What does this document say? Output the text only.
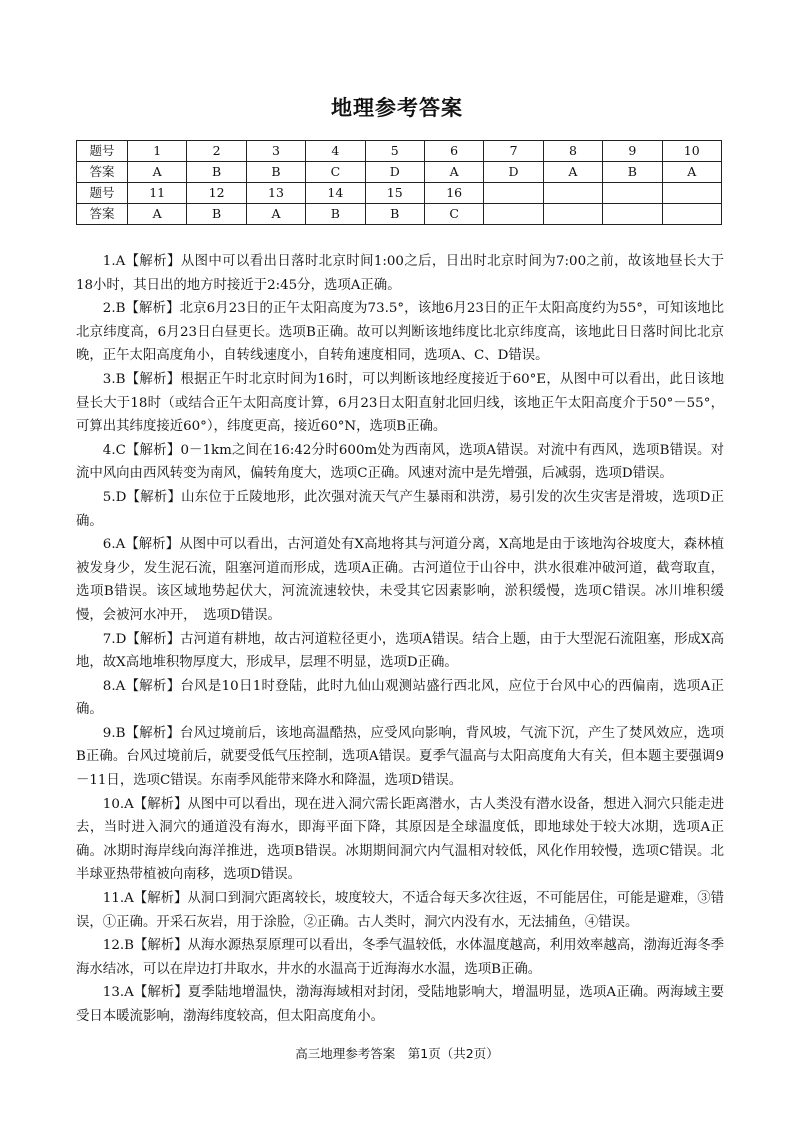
地理参考答案
题号	1	2	3	4	5	6	7	8	9	10
答案	A	B	B	C	D	A	D	A	B	A
题号	11	12	13	14	15	16				
答案	A	B	A	B	B	C				

1.A【解析】从图中可以看出日落时北京时间1:00之后，日出时北京时间为7:00之前，故该地昼长大于18小时，其日出的地方时接近于2:45分，选项A正确。

2.B【解析】北京6月23日的正午太阳高度为73.5°，该地6月23日的正午太阳高度约为55°，可知该地比北京纬度高，6月23日白昼更长。选项B正确。故可以判断该地纬度比北京纬度高，该地此日日落时间比北京晚，正午太阳高度角小，自转线速度小，自转角速度相同，选项A、C、D错误。

3.B【解析】根据正午时北京时间为16时，可以判断该地经度接近于60°E，从图中可以看出，此日该地昼长大于18时（或结合正午太阳高度计算，6月23日太阳直射北回归线，该地正午太阳高度介于50°－55°，可算出其纬度接近60°），纬度更高，接近60°N，选项B正确。

4.C【解析】0－1km之间在16:42分时600m处为西南风，选项A错误。对流中有西风，选项B错误。对流中风向由西风转变为南风，偏转角度大，选项C正确。风速对流中是先增强，后减弱，选项D错误。

5.D【解析】山东位于丘陵地形，此次强对流天气产生暴雨和洪涝，易引发的次生灾害是滑坡，选项D正确。

6.A【解析】从图中可以看出，古河道处有X高地将其与河道分离，X高地是由于该地沟谷坡度大，森林植被发身少，发生泥石流，阻塞河道而形成，选项A正确。古河道位于山谷中，洪水很难冲破河道，截弯取直，选项B错误。该区域地势起伏大，河流流速较快，未受其它因素影响，淤积缓慢，选项C错误。冰川堆积缓慢，会被河水冲开，　选项D错误。

7.D【解析】古河道有耕地，故古河道粒径更小，选项A错误。结合上题，由于大型泥石流阻塞，形成X高地，故X高地堆积物厚度大，形成早，层理不明显，选项D正确。

8.A【解析】台风是10日1时登陆，此时九仙山观测站盛行西北风，应位于台风中心的西偏南，选项A正确。

9.B【解析】台风过境前后，该地高温酷热，应受风向影响，背风坡，气流下沉，产生了焚风效应，选项B正确。台风过境前后，就要受低气压控制，选项A错误。夏季气温高与太阳高度角大有关，但本题主要强调9－11日，选项C错误。东南季风能带来降水和降温，选项D错误。

10.A【解析】从图中可以看出，现在进入洞穴需长距离潜水，古人类没有潜水设备，想进入洞穴只能走进去，当时进入洞穴的通道没有海水，即海平面下降，其原因是全球温度低，即地球处于较大冰期，选项A正确。冰期时海岸线向海洋推进，选项B错误。冰期期间洞穴内气温相对较低，风化作用较慢，选项C错误。北半球亚热带植被向南移，选项D错误。

11.A【解析】从洞口到洞穴距离较长，坡度较大，不适合每天多次往返，不可能居住，可能是避难，③错误，①正确。开采石灰岩，用于涂脸，②正确。古人类时，洞穴内没有水，无法捕鱼，④错误。

12.B【解析】从海水源热泵原理可以看出，冬季气温较低，水体温度越高，利用效率越高，渤海近海冬季海水结冰，可以在岸边打井取水，井水的水温高于近海海水水温，选项B正确。

13.A【解析】夏季陆地增温快，渤海海域相对封闭，受陆地影响大，增温明显，选项A正确。两海域主要受日本暖流影响，渤海纬度较高，但太阳高度角小。

高三地理参考答案　第1页（共2页）
